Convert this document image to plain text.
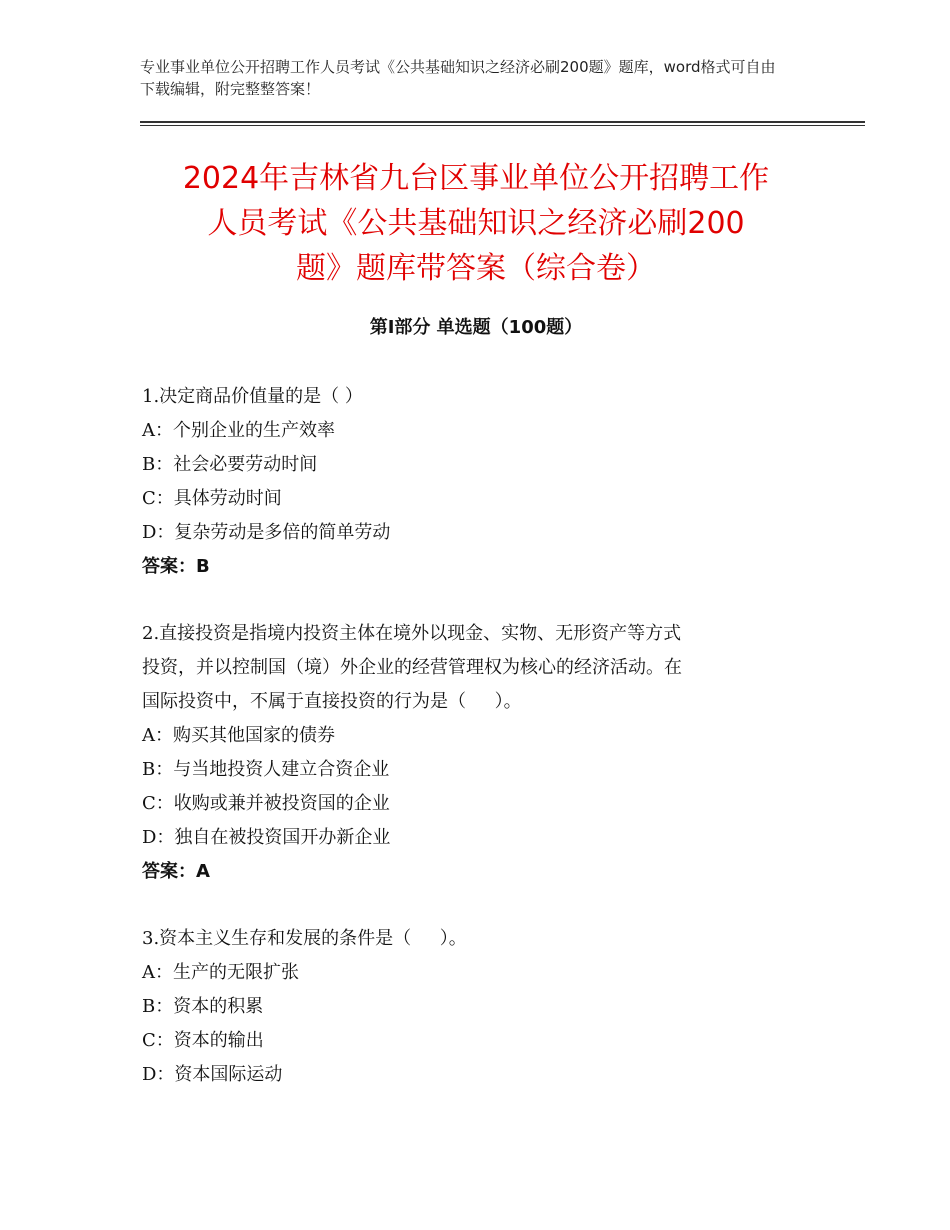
专业事业单位公开招聘工作人员考试《公共基础知识之经济必刷200题》题库，word格式可自由下载编辑，附完整整答案！
2024年吉林省九台区事业单位公开招聘工作
人员考试《公共基础知识之经济必刷200
题》题库带答案（综合卷）
第Ⅰ部分 单选题（100题）
1.决定商品价值量的是（ ）
A：个别企业的生产效率
B：社会必要劳动时间
C：具体劳动时间
D：复杂劳动是多倍的简单劳动
答案：B
2.直接投资是指境内投资主体在境外以现金、实物、无形资产等方式
投资，并以控制国（境）外企业的经营管理权为核心的经济活动。在
国际投资中，不属于直接投资的行为是（     ）。
A：购买其他国家的债券
B：与当地投资人建立合资企业
C：收购或兼并被投资国的企业
D：独自在被投资国开办新企业
答案：A
3.资本主义生存和发展的条件是（     ）。
A：生产的无限扩张
B：资本的积累
C：资本的输出
D：资本国际运动
